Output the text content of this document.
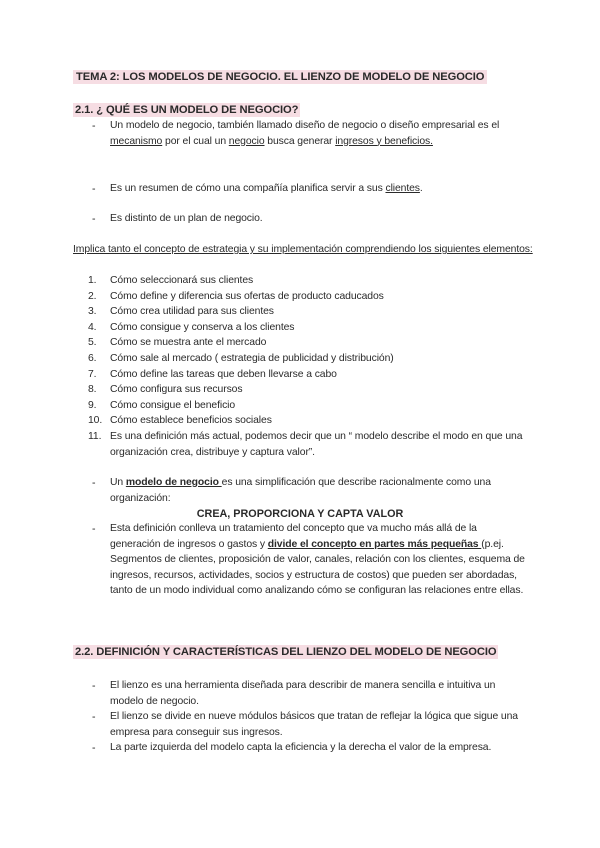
TEMA 2: LOS MODELOS DE NEGOCIO. EL LIENZO DE MODELO DE NEGOCIO
2.1. ¿ QUÉ ES UN MODELO DE NEGOCIO?
- Un modelo de negocio, también llamado diseño de negocio o diseño empresarial es el mecanismo por el cual un negocio busca generar ingresos y beneficios.
- Es un resumen de cómo una compañía planifica servir a sus clientes.
- Es distinto de un plan de negocio.
Implica tanto el concepto de estrategia y su implementación comprendiendo los siguientes elementos:
1. Cómo seleccionará sus clientes
2. Cómo define y diferencia sus ofertas de producto caducados
3. Cómo crea utilidad para sus clientes
4. Cómo consigue y conserva a los clientes
5. Cómo se muestra ante el mercado
6. Cómo sale al mercado ( estrategia de publicidad y distribución)
7. Cómo define las tareas que deben llevarse a cabo
8. Cómo configura sus recursos
9. Cómo consigue el beneficio
10. Cómo establece beneficios sociales
11. Es una definición más actual, podemos decir que un “ modelo describe el modo en que una organización crea, distribuye y captura valor”.
- Un modelo de negocio es una simplificación que describe racionalmente como una organización:
CREA, PROPORCIONA Y CAPTA VALOR
- Esta definición conlleva un tratamiento del concepto que va mucho más allá de la generación de ingresos o gastos y divide el concepto en partes más pequeñas (p.ej. Segmentos de clientes, proposición de valor, canales, relación con los clientes, esquema de ingresos, recursos, actividades, socios y estructura de costos) que pueden ser abordadas, tanto de un modo individual como analizando cómo se configuran las relaciones entre ellas.
2.2. DEFINICIÓN Y CARACTERÍSTICAS DEL LIENZO DEL MODELO DE NEGOCIO
- El lienzo es una herramienta diseñada para describir de manera sencilla e intuitiva un modelo de negocio.
- El lienzo se divide en nueve módulos básicos que tratan de reflejar la lógica que sigue una empresa para conseguir sus ingresos.
- La parte izquierda del modelo capta la eficiencia y la derecha el valor de la empresa.
